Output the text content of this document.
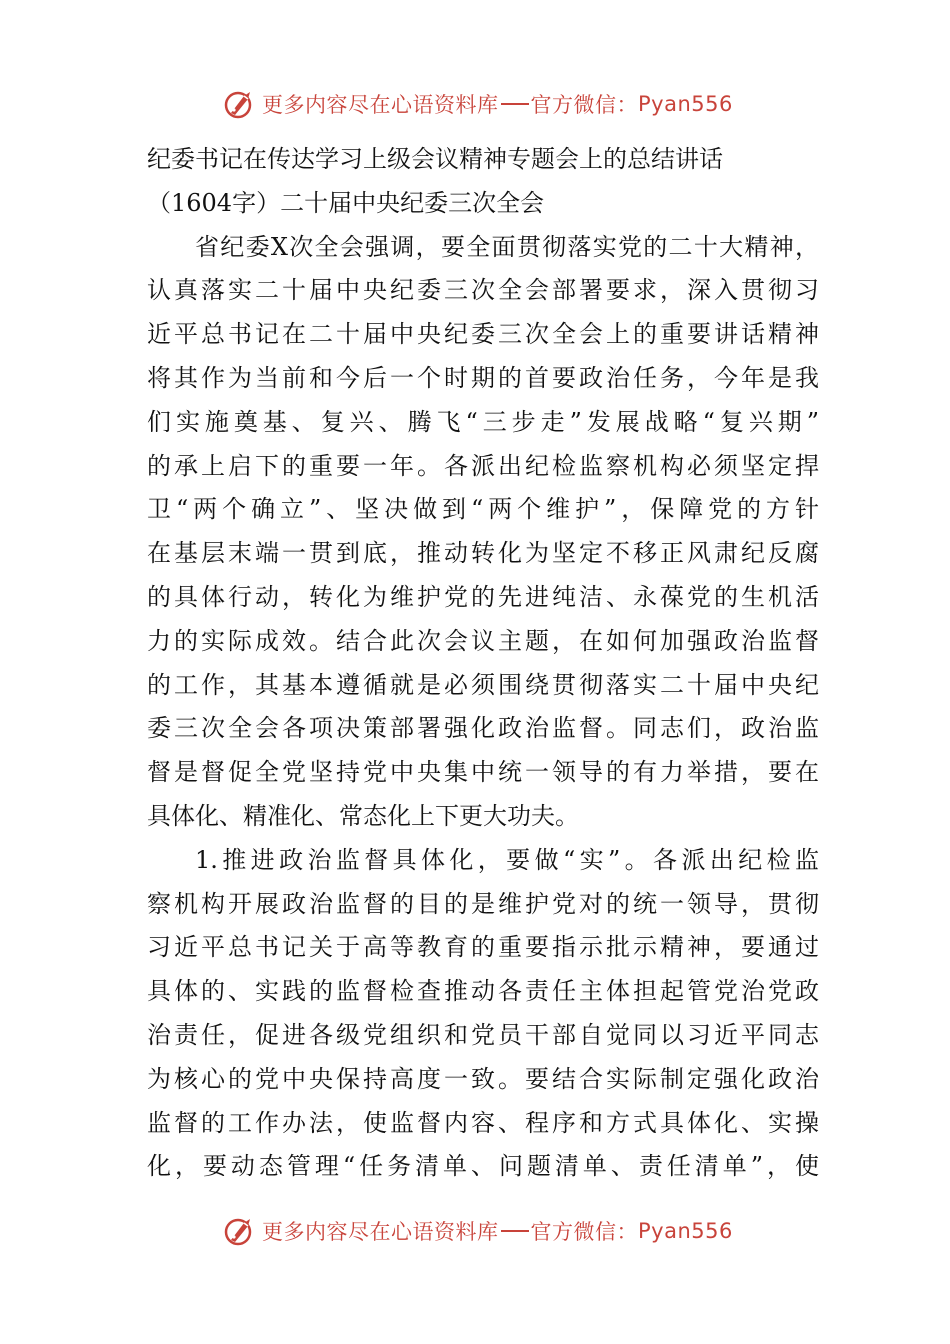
更多内容尽在心语资料库 官方微信： Pyan556
纪委书记在传达学习上级会议精神专题会上的总结讲话
（1604字）二十届中央纪委三次全会
省纪委X次全会强调，要全面贯彻落实党的二十大精神，
认真落实二十届中央纪委三次全会部署要求，深入贯彻习
近平总书记在二十届中央纪委三次全会上的重要讲话精神
将其作为当前和今后一个时期的首要政治任务，今年是我
们实施奠基、复兴、腾飞“三步走”发展战略“复兴期”
的承上启下的重要一年。各派出纪检监察机构必须坚定捍
卫“两个确立”、坚决做到“两个维护”，保障党的方针
在基层末端一贯到底，推动转化为坚定不移正风肃纪反腐
的具体行动，转化为维护党的先进纯洁、永葆党的生机活
力的实际成效。结合此次会议主题，在如何加强政治监督
的工作，其基本遵循就是必须围绕贯彻落实二十届中央纪
委三次全会各项决策部署强化政治监督。同志们，政治监
督是督促全党坚持党中央集中统一领导的有力举措，要在
具体化、精准化、常态化上下更大功夫。
1.推进政治监督具体化，要做“实”。各派出纪检监
察机构开展政治监督的目的是维护党对的统一领导，贯彻
习近平总书记关于高等教育的重要指示批示精神，要通过
具体的、实践的监督检查推动各责任主体担起管党治党政
治责任，促进各级党组织和党员干部自觉同以习近平同志
为核心的党中央保持高度一致。要结合实际制定强化政治
监督的工作办法，使监督内容、程序和方式具体化、实操
化，要动态管理“任务清单、问题清单、责任清单”，使
更多内容尽在心语资料库 官方微信： Pyan556
